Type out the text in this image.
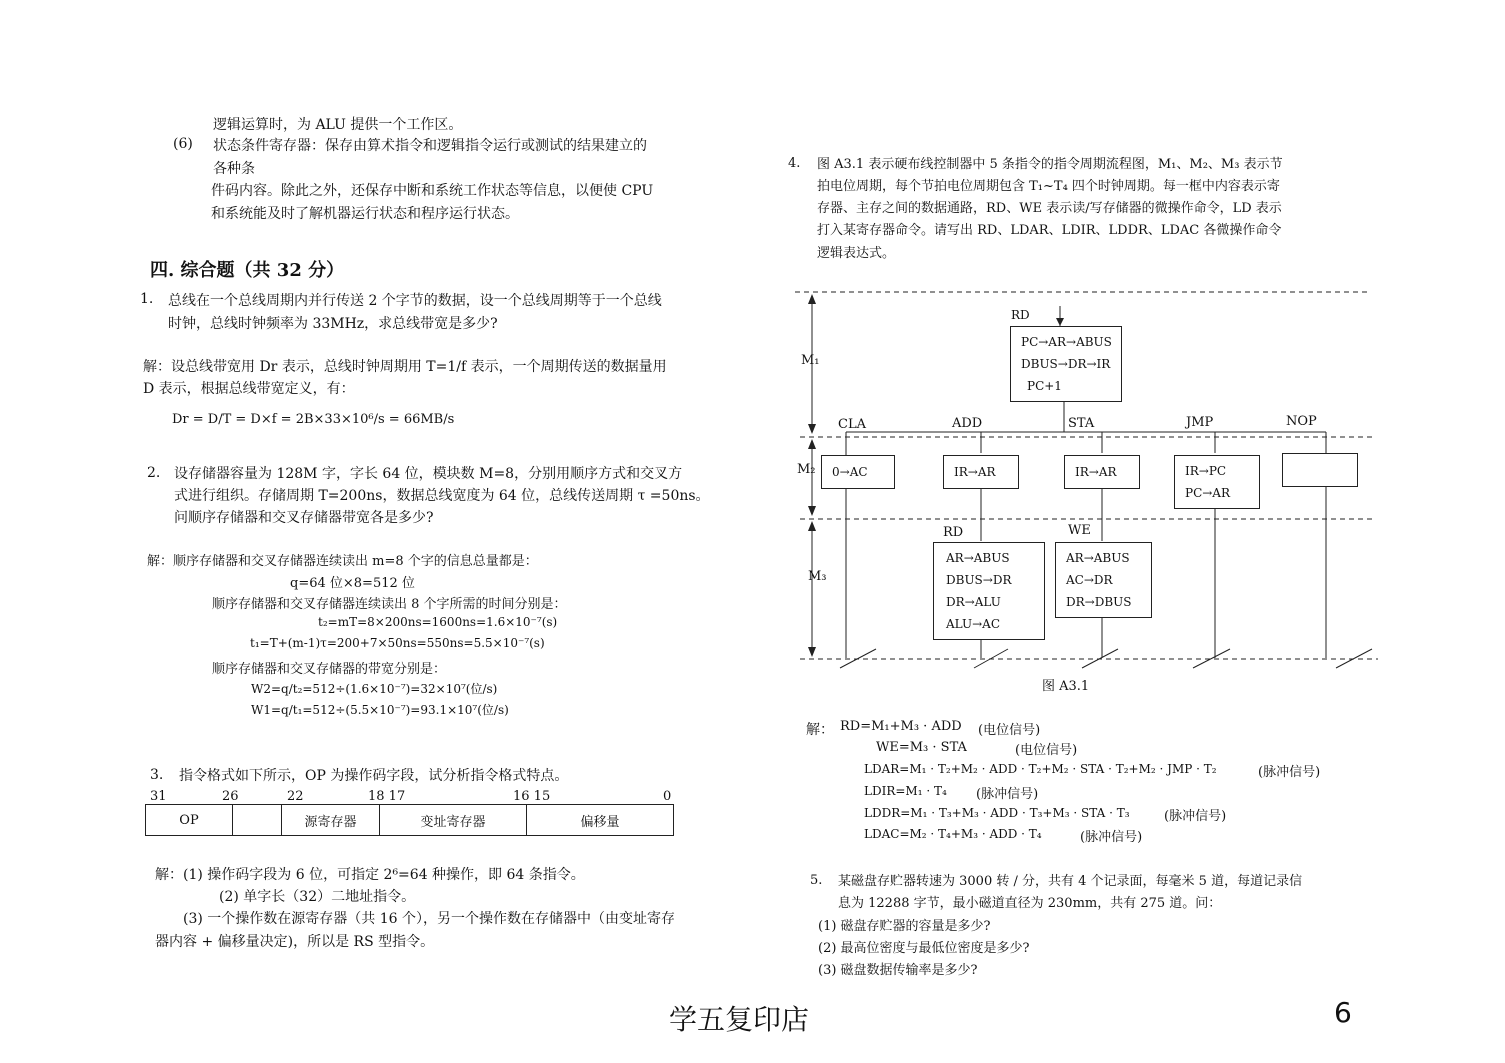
逻辑运算时，为 ALU 提供一个工作区。
(6) 状态条件寄存器：保存由算术指令和逻辑指令运行或测试的结果建立的
各种条
件码内容。除此之外，还保存中断和系统工作状态等信息，以便使 CPU
和系统能及时了解机器运行状态和程序运行状态。
四. 综合题（共 32 分）
1. 总线在一个总线周期内并行传送 2 个字节的数据，设一个总线周期等于一个总线
时钟，总线时钟频率为 33MHz，求总线带宽是多少?
解：设总线带宽用 Dr 表示，总线时钟周期用 T=1/f 表示，一个周期传送的数据量用
D 表示，根据总线带宽定义，有：
Dr = D/T = D×f = 2B×33×10⁶/s = 66MB/s
2. 设存储器容量为 128M 字，字长 64 位，模块数 M=8，分别用顺序方式和交叉方
式进行组织。存储周期 T=200ns，数据总线宽度为 64 位，总线传送周期 τ =50ns。
问顺序存储器和交叉存储器带宽各是多少?
解：顺序存储器和交叉存储器连续读出 m=8 个字的信息总量都是：
q=64 位×8=512 位
顺序存储器和交叉存储器连续读出 8 个字所需的时间分别是：
t₂=mT=8×200ns=1600ns=1.6×10⁻⁷(s)
t₁=T+(m-1)τ=200+7×50ns=550ns=5.5×10⁻⁷(s)
顺序存储器和交叉存储器的带宽分别是：
W2=q/t₂=512÷(1.6×10⁻⁷)=32×10⁷(位/s)
W1=q/t₁=512÷(5.5×10⁻⁷)=93.1×10⁷(位/s)
3. 指令格式如下所示，OP 为操作码字段，试分析指令格式特点。
31	26	22	18 17	16 15	0
OP		源寄存器	变址寄存器	偏移量
解：(1) 操作码字段为 6 位，可指定 2⁶=64 种操作，即 64 条指令。
(2) 单字长（32）二地址指令。
(3) 一个操作数在源寄存器（共 16 个），另一个操作数在存储器中（由变址寄存
器内容 + 偏移量决定)，所以是 RS 型指令。
4. 图 A3.1 表示硬布线控制器中 5 条指令的指令周期流程图，M₁、M₂、M₃ 表示节
拍电位周期，每个节拍电位周期包含 T₁~T₄ 四个时钟周期。每一框中内容表示寄
存器、主存之间的数据通路，RD、WE 表示读/写存储器的微操作命令，LD 表示
打入某寄存器命令。请写出 RD、LDAR、LDIR、LDDR、LDAC 各微操作命令
逻辑表达式。
M₁
M₂
M₃
RD
PC→AR→ABUS
DBUS→DR→IR
PC+1
CLA	ADD	STA	JMP	NOP
0→AC	IR→AR	IR→AR	IR→PC
PC→AR
RD	WE
AR→ABUS
DBUS→DR
DR→ALU
ALU→AC
AR→ABUS
AC→DR
DR→DBUS
图 A3.1
解： RD=M₁+M₃ · ADD (电位信号)
WE=M₃ · STA	(电位信号)
LDAR=M₁ · T₂+M₂ · ADD · T₂+M₂ · STA · T₂+M₂ · JMP · T₂	(脉冲信号)
LDIR=M₁ · T₄ (脉冲信号)
LDDR=M₁ · T₃+M₃ · ADD · T₃+M₃ · STA · T₃	(脉冲信号)
LDAC=M₂ · T₄+M₃ · ADD · T₄	(脉冲信号)
5. 某磁盘存贮器转速为 3000 转 / 分，共有 4 个记录面，每毫米 5 道，每道记录信
息为 12288 字节，最小磁道直径为 230mm，共有 275 道。问：
(1) 磁盘存贮器的容量是多少?
(2) 最高位密度与最低位密度是多少?
(3) 磁盘数据传输率是多少?
学五复印店	6
